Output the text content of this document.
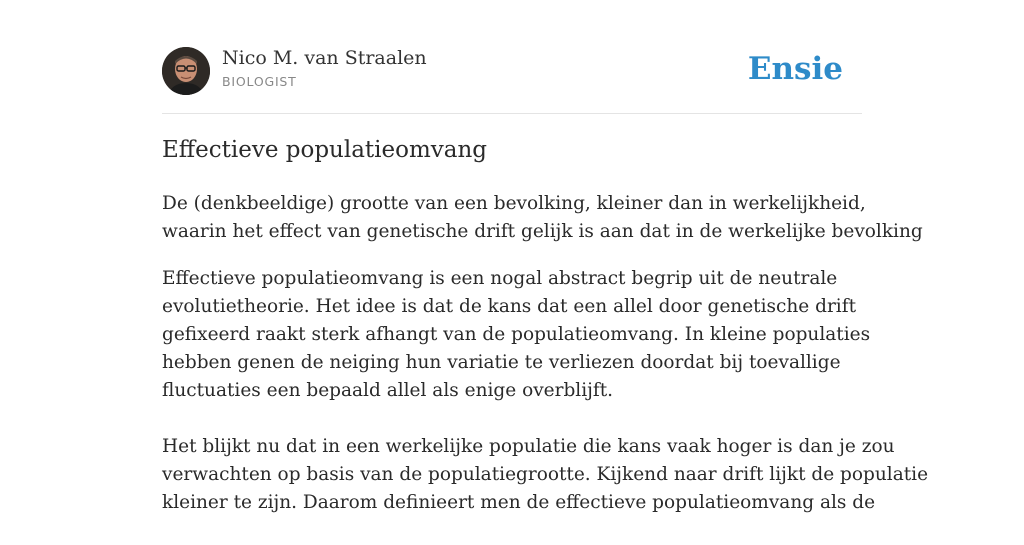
Nico M. van Straalen
BIOLOGIST	Ensie
Effectieve populatieomvang
De (denkbeeldige) grootte van een bevolking, kleiner dan in werkelijkheid,
waarin het effect van genetische drift gelijk is aan dat in de werkelijke bevolking

Effectieve populatieomvang is een nogal abstract begrip uit de neutrale
evolutietheorie. Het idee is dat de kans dat een allel door genetische drift
gefixeerd raakt sterk afhangt van de populatieomvang. In kleine populaties
hebben genen de neiging hun variatie te verliezen doordat bij toevallige
fluctuaties een bepaald allel als enige overblijft.

Het blijkt nu dat in een werkelijke populatie die kans vaak hoger is dan je zou
verwachten op basis van de populatiegrootte. Kijkend naar drift lijkt de populatie
kleiner te zijn. Daarom definieert men de effectieve populatieomvang als de
